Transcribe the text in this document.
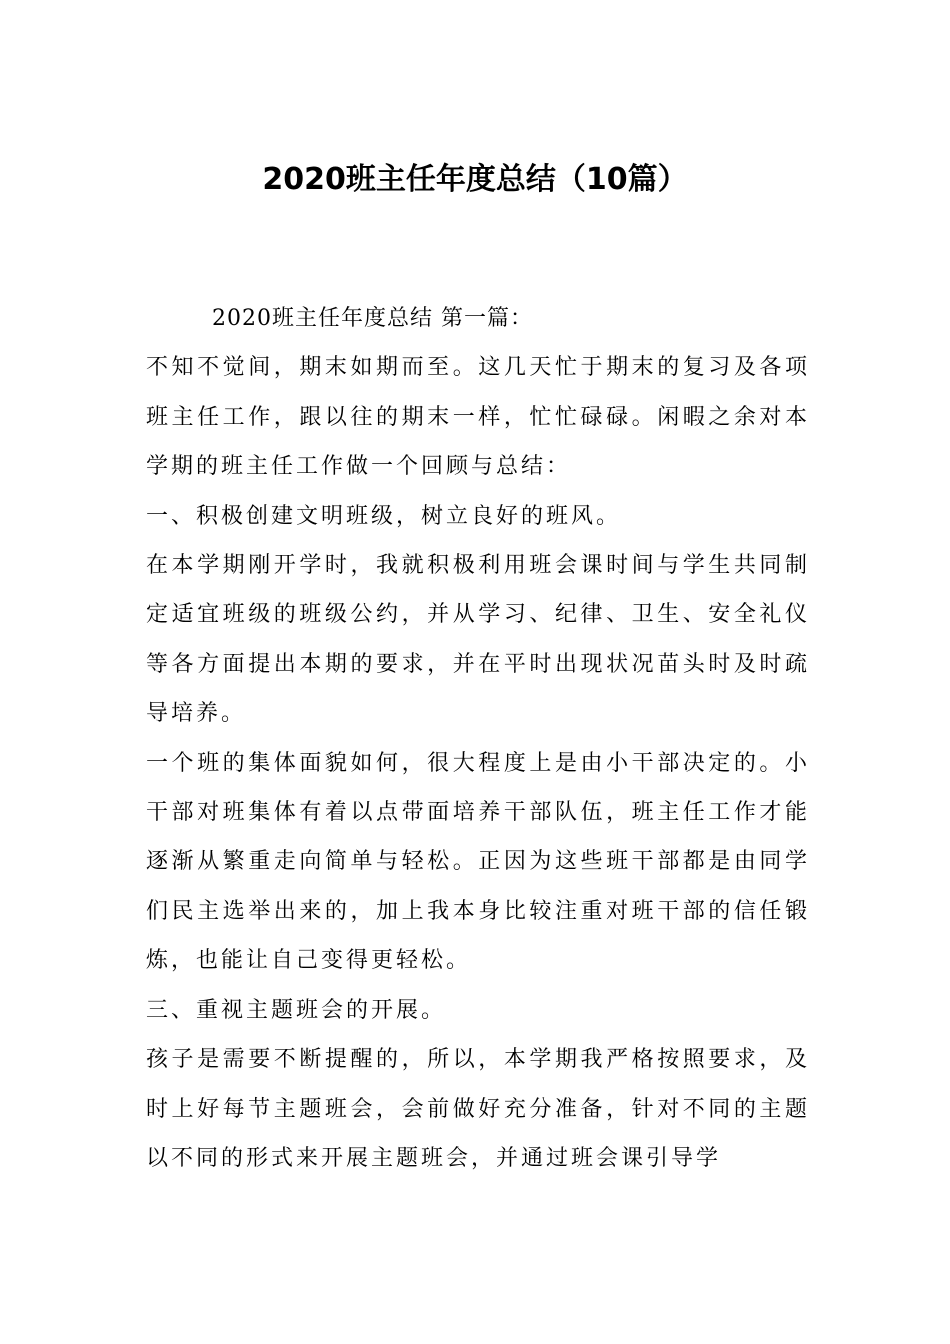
2020班主任年度总结（10篇）

2020班主任年度总结 第一篇：

不知不觉间，期末如期而至。这几天忙于期末的复习及各项班主任工作，跟以往的期末一样，忙忙碌碌。闲暇之余对本学期的班主任工作做一个回顾与总结：

一、积极创建文明班级，树立良好的班风。

在本学期刚开学时，我就积极利用班会课时间与学生共同制定适宜班级的班级公约，并从学习、纪律、卫生、安全礼仪等各方面提出本期的要求，并在平时出现状况苗头时及时疏导培养。

一个班的集体面貌如何，很大程度上是由小干部决定的。小干部对班集体有着以点带面培养干部队伍，班主任工作才能逐渐从繁重走向简单与轻松。正因为这些班干部都是由同学们民主选举出来的，加上我本身比较注重对班干部的信任锻炼，也能让自己变得更轻松。

三、重视主题班会的开展。

孩子是需要不断提醒的，所以，本学期我严格按照要求，及时上好每节主题班会，会前做好充分准备，针对不同的主题以不同的形式来开展主题班会，并通过班会课引导学
